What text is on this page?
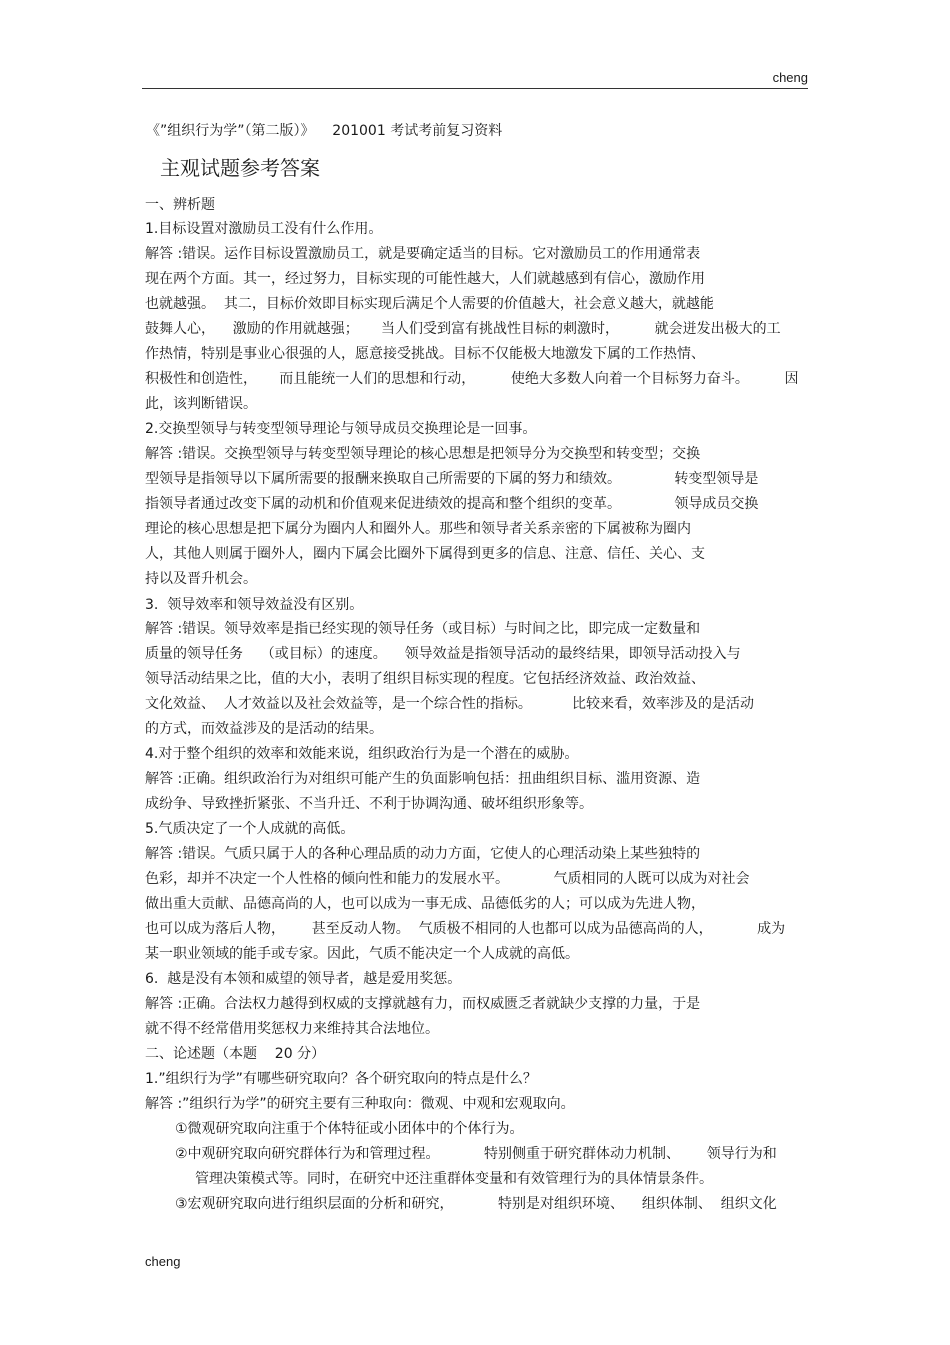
cheng
《”组织行为学”（第二版）》    201001 考试考前复习资料
主观试题参考答案
一、辨析题
1.目标设置对激励员工没有什么作用。
解答 :错误。运作目标设置激励员工，就是要确定适当的目标。它对激励员工的作用通常表
现在两个方面。其一，经过努力，目标实现的可能性越大，人们就越感到有信心，激励作用
也就越强。  其二，目标价效即目标实现后满足个人需要的价值越大，社会意义越大，就越能
鼓舞人心，    激励的作用就越强；     当人们受到富有挑战性目标的刺激时，        就会迸发出极大的工
作热情，特别是事业心很强的人，愿意接受挑战。目标不仅能极大地激发下属的工作热情、
积极性和创造性，     而且能统一人们的思想和行动，        使绝大多数人向着一个目标努力奋斗。        因
此，该判断错误。
2.交换型领导与转变型领导理论与领导成员交换理论是一回事。
解答 :错误。交换型领导与转变型领导理论的核心思想是把领导分为交换型和转变型；交换
型领导是指领导以下属所需要的报酬来换取自己所需要的下属的努力和绩效。            转变型领导是
指领导者通过改变下属的动机和价值观来促进绩效的提高和整个组织的变革。            领导成员交换
理论的核心思想是把下属分为圈内人和圈外人。那些和领导者关系亲密的下属被称为圈内
人，其他人则属于圈外人，圈内下属会比圈外下属得到更多的信息、注意、信任、关心、支
持以及晋升机会。
3.  领导效率和领导效益没有区别。
解答 :错误。领导效率是指已经实现的领导任务（或目标）与时间之比，即完成一定数量和
质量的领导任务    （或目标）的速度。    领导效益是指领导活动的最终结果，即领导活动投入与
领导活动结果之比，值的大小，表明了组织目标实现的程度。它包括经济效益、政治效益、
文化效益、  人才效益以及社会效益等，是一个综合性的指标。         比较来看，效率涉及的是活动
的方式，而效益涉及的是活动的结果。
4.对于整个组织的效率和效能来说，组织政治行为是一个潜在的威胁。
解答 :正确。组织政治行为对组织可能产生的负面影响包括：扭曲组织目标、滥用资源、造
成纷争、导致挫折紧张、不当升迁、不利于协调沟通、破坏组织形象等。
5.气质决定了一个人成就的高低。
解答 :错误。气质只属于人的各种心理品质的动力方面，它使人的心理活动染上某些独特的
色彩，却并不决定一个人性格的倾向性和能力的发展水平。          气质相同的人既可以成为对社会
做出重大贡献、品德高尚的人，也可以成为一事无成、品德低劣的人；可以成为先进人物，
也可以成为落后人物，      甚至反动人物。  气质极不相同的人也都可以成为品德高尚的人，          成为
某一职业领域的能手或专家。因此，气质不能决定一个人成就的高低。
6.  越是没有本领和威望的领导者，越是爱用奖惩。
解答 :正确。合法权力越得到权威的支撑就越有力，而权威匮乏者就缺少支撑的力量，于是
就不得不经常借用奖惩权力来维持其合法地位。
二、论述题（本题    20 分）
1.”组织行为学”有哪些研究取向？各个研究取向的特点是什么？
解答 :”组织行为学”的研究主要有三种取向：微观、中观和宏观取向。
①微观研究取向注重于个体特征或小团体中的个体行为。
②中观研究取向研究群体行为和管理过程。          特别侧重于研究群体动力机制、      领导行为和
管理决策模式等。同时，在研究中还注重群体变量和有效管理行为的具体情景条件。
③宏观研究取向进行组织层面的分析和研究，          特别是对组织环境、    组织体制、  组织文化
cheng
